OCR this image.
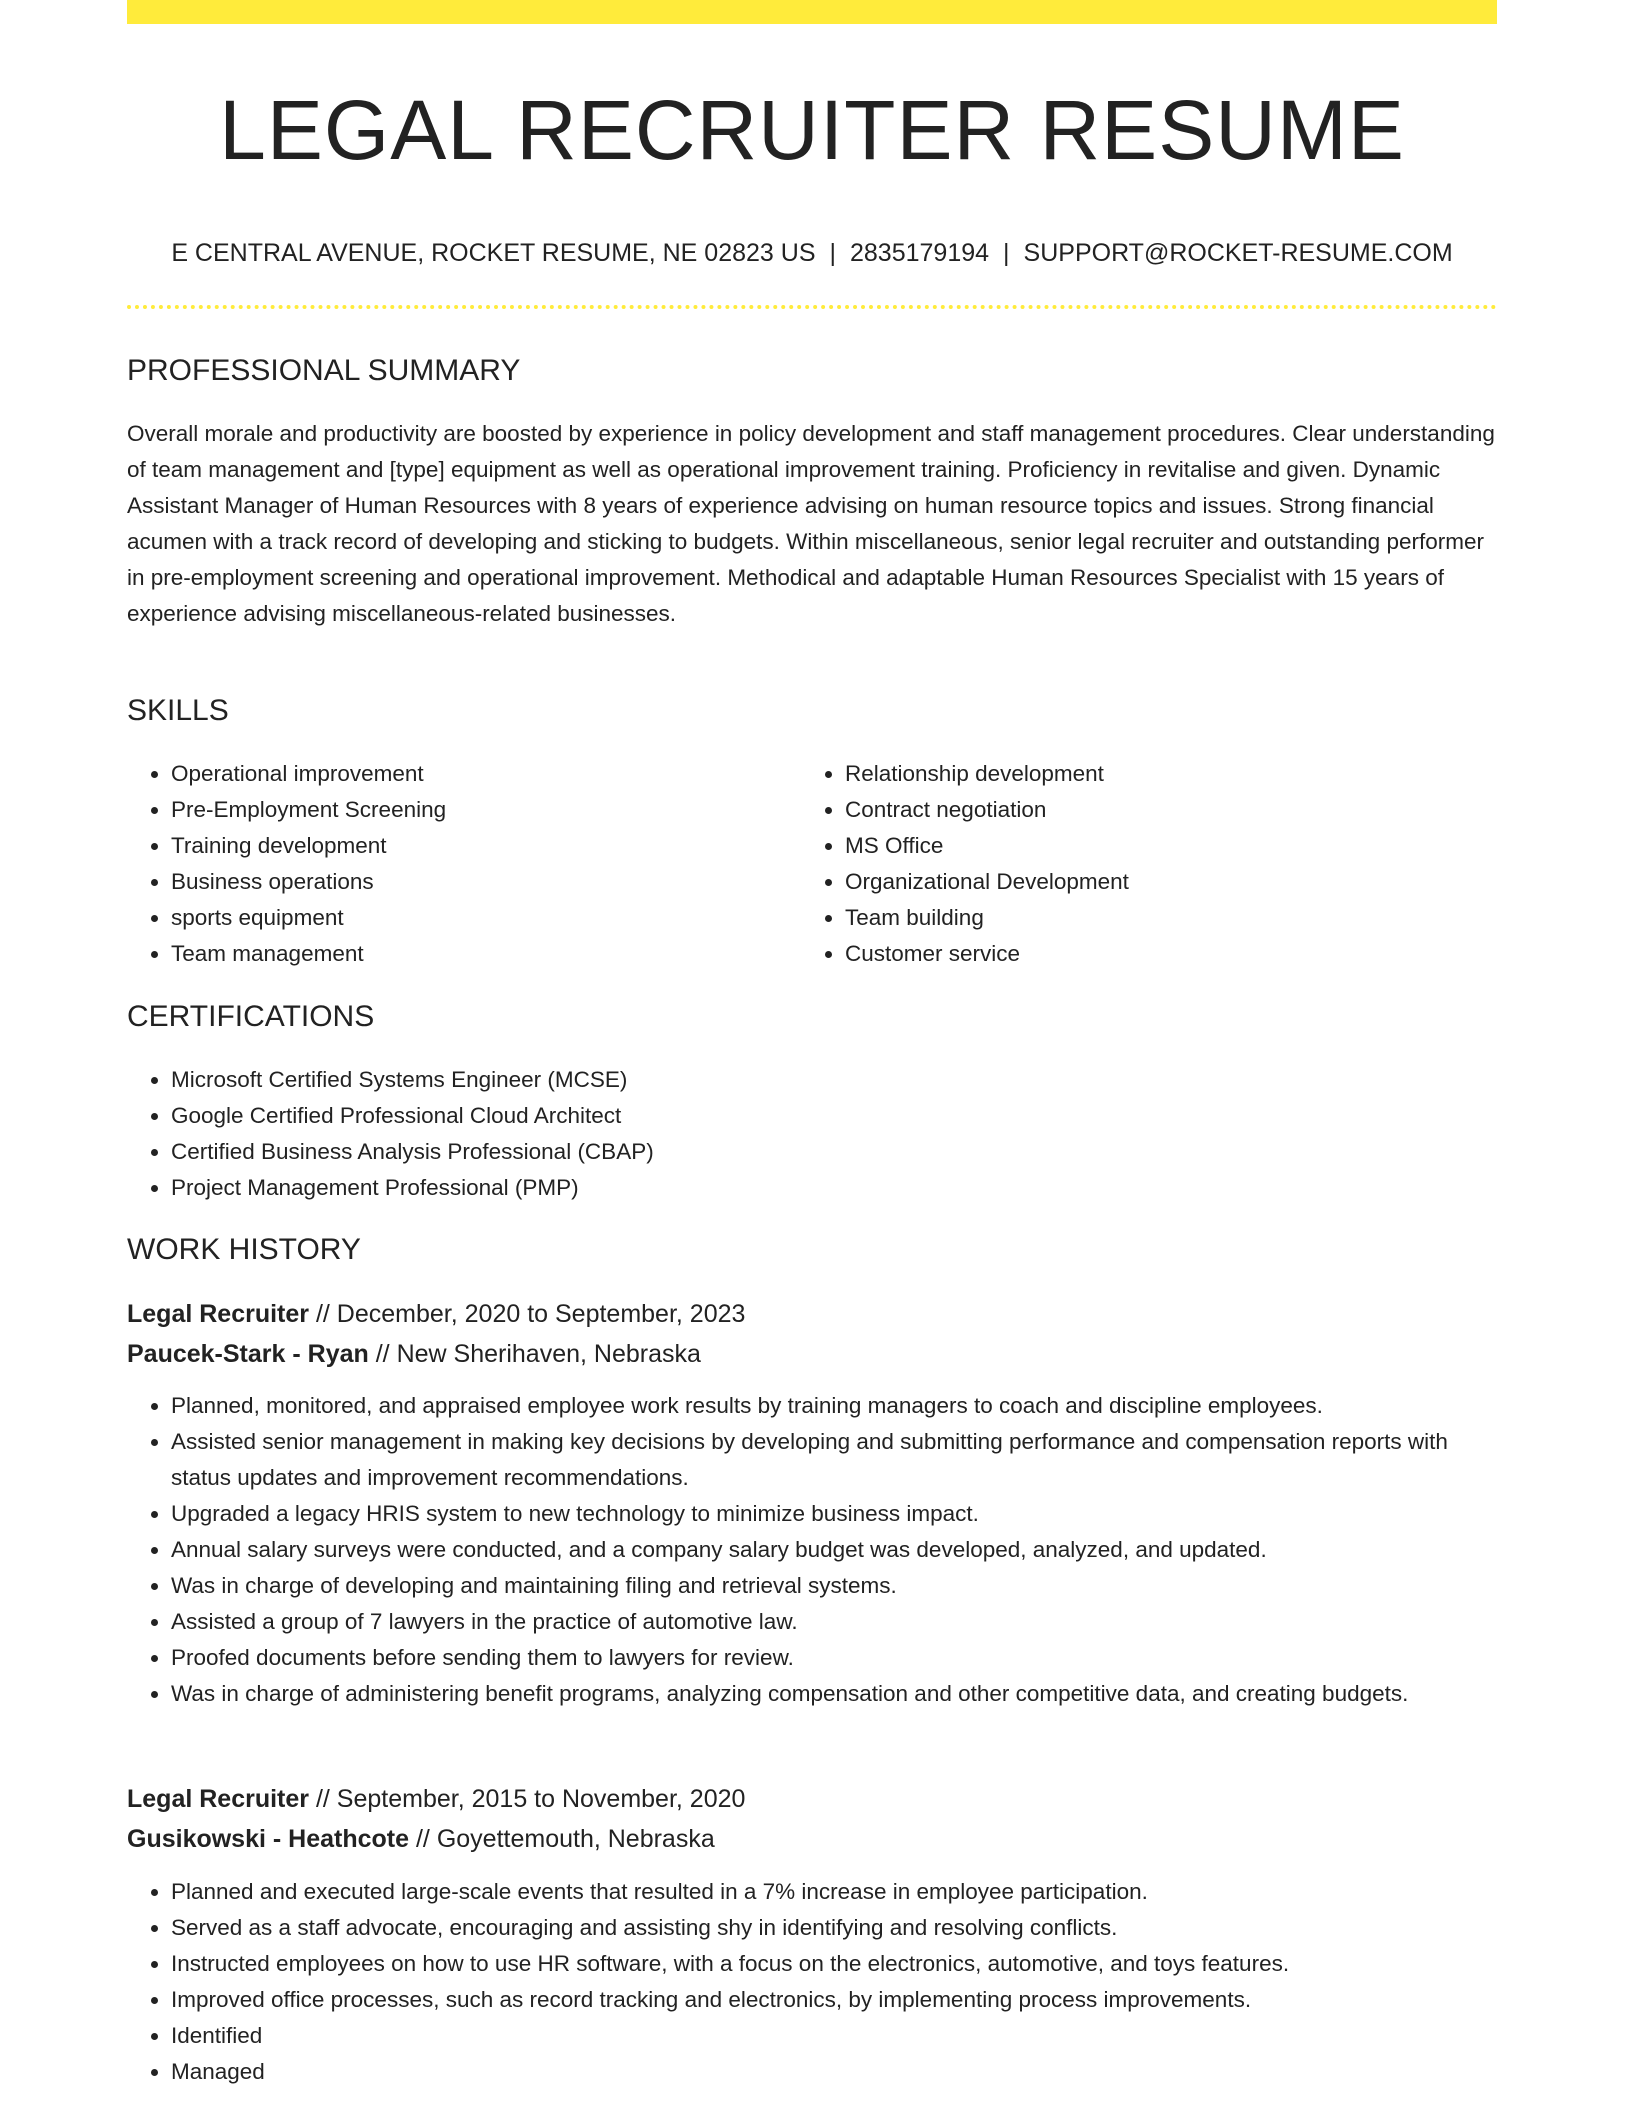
LEGAL RECRUITER RESUME
E CENTRAL AVENUE, ROCKET RESUME, NE 02823 US | 2835179194 | SUPPORT@ROCKET-RESUME.COM
PROFESSIONAL SUMMARY

Overall morale and productivity are boosted by experience in policy development and staff management procedures. Clear understanding of team management and [type] equipment as well as operational improvement training. Proficiency in revitalise and given. Dynamic Assistant Manager of Human Resources with 8 years of experience advising on human resource topics and issues. Strong financial acumen with a track record of developing and sticking to budgets. Within miscellaneous, senior legal recruiter and outstanding performer in pre-employment screening and operational improvement. Methodical and adaptable Human Resources Specialist with 15 years of experience advising miscellaneous-related businesses.

SKILLS
• Operational improvement
• Pre-Employment Screening
• Training development
• Business operations
• sports equipment
• Team management
• Relationship development
• Contract negotiation
• MS Office
• Organizational Development
• Team building
• Customer service
CERTIFICATIONS
• Microsoft Certified Systems Engineer (MCSE)
• Google Certified Professional Cloud Architect
• Certified Business Analysis Professional (CBAP)
• Project Management Professional (PMP)
WORK HISTORY
Legal Recruiter // December, 2020 to September, 2023
Paucek-Stark - Ryan // New Sherihaven, Nebraska
• Planned, monitored, and appraised employee work results by training managers to coach and discipline employees.
• Assisted senior management in making key decisions by developing and submitting performance and compensation reports with status updates and improvement recommendations.
• Upgraded a legacy HRIS system to new technology to minimize business impact.
• Annual salary surveys were conducted, and a company salary budget was developed, analyzed, and updated.
• Was in charge of developing and maintaining filing and retrieval systems.
• Assisted a group of 7 lawyers in the practice of automotive law.
• Proofed documents before sending them to lawyers for review.
• Was in charge of administering benefit programs, analyzing compensation and other competitive data, and creating budgets.
Legal Recruiter // September, 2015 to November, 2020
Gusikowski - Heathcote // Goyettemouth, Nebraska
• Planned and executed large-scale events that resulted in a 7% increase in employee participation.
• Served as a staff advocate, encouraging and assisting shy in identifying and resolving conflicts.
• Instructed employees on how to use HR software, with a focus on the electronics, automotive, and toys features.
• Improved office processes, such as record tracking and electronics, by implementing process improvements.
• Identified
• Managed
